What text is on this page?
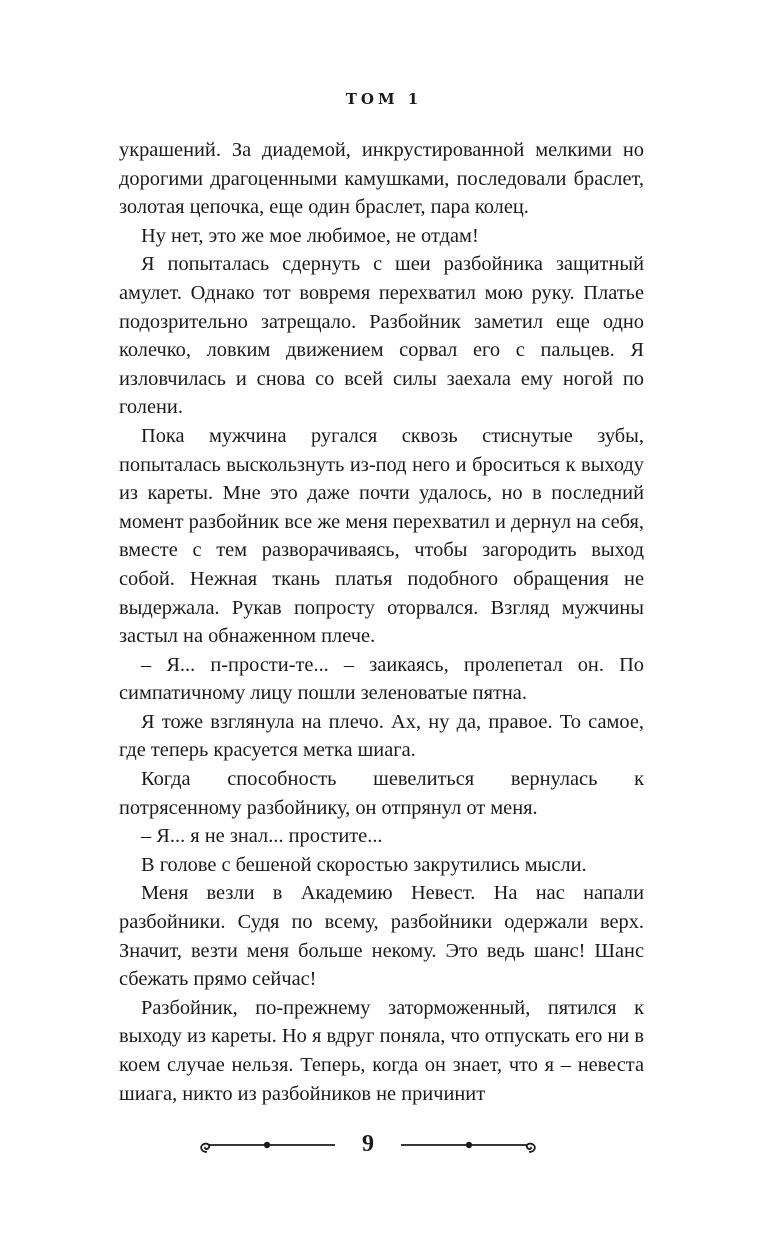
ТОМ 1

украшений. За диадемой, инкрустированной мелкими но дорогими драгоценными камушками, последовали браслет, золотая цепочка, еще один браслет, пара колец.

Ну нет, это же мое любимое, не отдам!

Я попыталась сдернуть с шеи разбойника защитный амулет. Однако тот вовремя перехватил мою руку. Платье подозрительно затрещало. Разбойник заметил еще одно колечко, ловким движением сорвал его с пальцев. Я изловчилась и снова со всей силы заехала ему ногой по голени.

Пока мужчина ругался сквозь стиснутые зубы, попыталась выскользнуть из-под него и броситься к выходу из кареты. Мне это даже почти удалось, но в последний момент разбойник все же меня перехватил и дернул на себя, вместе с тем разворачиваясь, чтобы загородить выход собой. Нежная ткань платья подобного обращения не выдержала. Рукав попросту оторвался. Взгляд мужчины застыл на обнаженном плече.

– Я... п-прости-те... – заикаясь, пролепетал он. По симпатичному лицу пошли зеленоватые пятна.

Я тоже взглянула на плечо. Ах, ну да, правое. То самое, где теперь красуется метка шиага.

Когда способность шевелиться вернулась к потрясенному разбойнику, он отпрянул от меня.

– Я... я не знал... простите...

В голове с бешеной скоростью закрутились мысли.

Меня везли в Академию Невест. На нас напали разбойники. Судя по всему, разбойники одержали верх. Значит, везти меня больше некому. Это ведь шанс! Шанс сбежать прямо сейчас!

Разбойник, по-прежнему заторможенный, пятился к выходу из кареты. Но я вдруг поняла, что отпускать его ни в коем случае нельзя. Теперь, когда он знает, что я – невеста шиага, никто из разбойников не причинит

9
